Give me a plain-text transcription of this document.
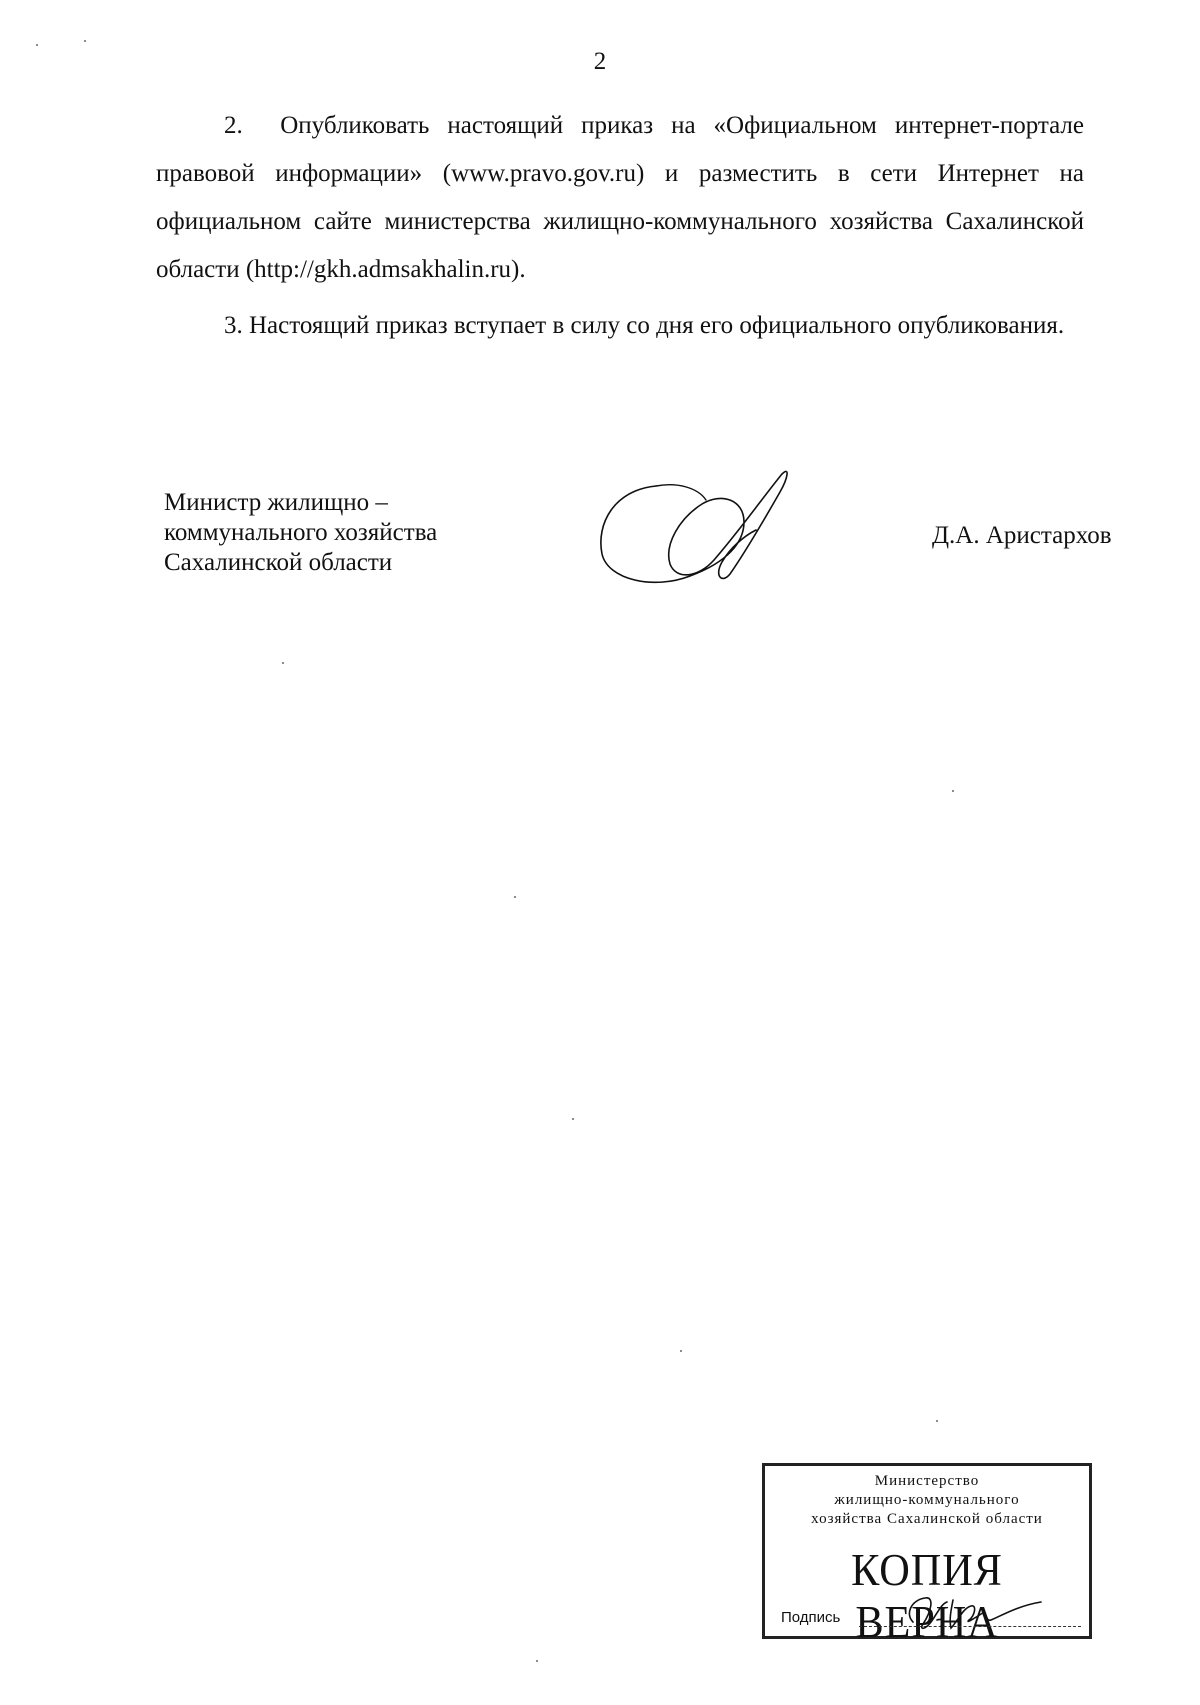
2
2.  Опубликовать настоящий приказ на «Официальном интернет-портале правовой информации» (www.pravo.gov.ru) и разместить в сети Интернет на официальном сайте министерства жилищно-коммунального хозяйства Сахалинской области (http://gkh.admsakhalin.ru).
3. Настоящий приказ вступает в силу со дня его официального опубликования.
Министр жилищно –
коммунального хозяйства
Сахалинской области
Д.А. Аристархов
Министерство
жилищно-коммунального
хозяйства Сахалинской области
КОПИЯ ВЕРНА
Подпись
